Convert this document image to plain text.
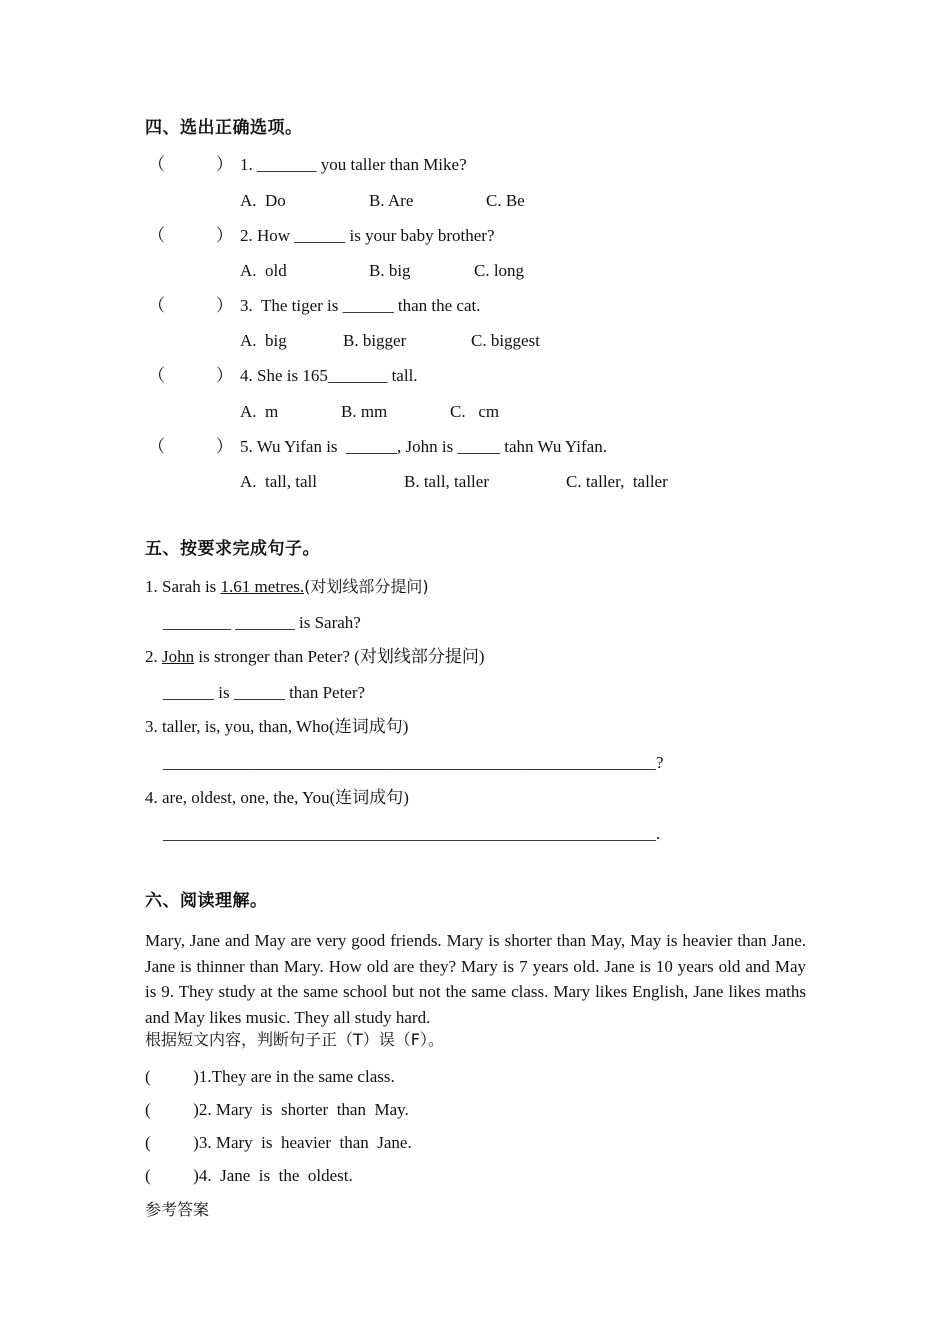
四、选出正确选项。
（            ） 1. _______ you taller than Mike?
A.  Do	B. Are	C. Be
（            ） 2. How ______ is your baby brother?
A.  old	B. big	C. long
（            ） 3.  The tiger is ______ than the cat.
A.  big	B. bigger	C. biggest
（            ） 4. She is 165_______ tall.
A.  m	B. mm	C.   cm
（            ） 5. Wu Yifan is  ______, John is _____ tahn Wu Yifan.
A.  tall, tall	B. tall, taller	C. taller,  taller
五、按要求完成句子。
1. Sarah is 1.61 metres.(对划线部分提问)
________ _______ is Sarah?
2. John is stronger than Peter? (对划线部分提问)
______ is ______ than Peter?
3. taller, is, you, than, Who(连词成句)
__________________________________________________________?
4. are, oldest, one, the, You(连词成句)
__________________________________________________________.
六、阅读理解。
Mary, Jane and May are very good friends. Mary is shorter than May, May is heavier than Jane. Jane is thinner than Mary. How old are they? Mary is 7 years old. Jane is 10 years old and May is 9. They study at the same school but not the same class. Mary likes English, Jane likes maths and May likes music. They all study hard.
根据短文内容，判断句子正（T）误（F）。
(          )1.They are in the same class.
(          )2. Mary  is  shorter  than  May.
(          )3. Mary  is  heavier  than  Jane.
(          )4.  Jane  is  the  oldest.
参考答案
